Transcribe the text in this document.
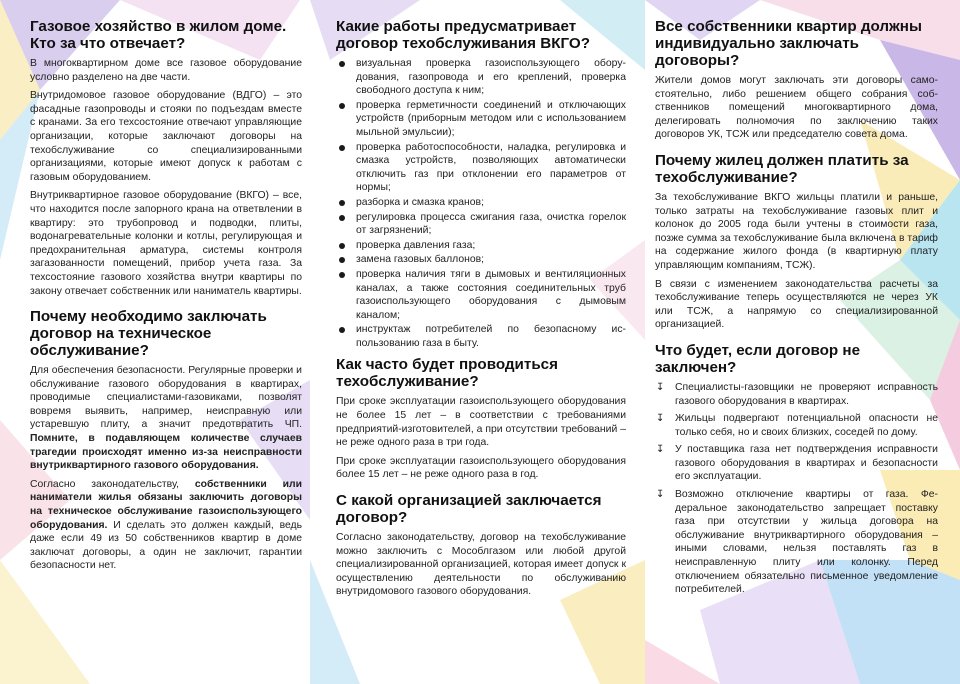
Газовое хозяйство в жилом доме. Кто за что отвечает?

В многоквартирном доме все газовое оборудование условно разделено на две части.

Внутридомовое газовое оборудование (ВДГО) – это фасадные газопроводы и стояки по подъездам вместе с кранами. За его техсостояние отвечают управляющие организации, которые заключают договоры на техобслуживание со специализированными организациями, которые имеют допуск к работам с газовым оборудованием.

Внутриквартирное газовое оборудование (ВКГО) – все, что находится после запорного крана на ответвлении в квартиру: это трубопровод и подводки, плиты, водонагревательные колонки и котлы, регулирующая и предохранительная арматура, системы контроля загазованности помещений, прибор учета газа. За техсостояние газового хозяйства внутри квартиры по закону отвечает собственник или наниматель квартиры.

Почему необходимо заключать договор на техническое обслуживание?

Для обеспечения безопасности. Регулярные проверки и обслуживание газового оборудования в квартирах, проводимые специалистами-газовиками, позволят вовремя выявить, например, неисправную или устаревшую плиту, а значит предотвратить ЧП. Помните, в подавляющем количестве случаев трагедии происходят именно из-за неисправности внутриквартирного газового оборудования.

Согласно законодательству, собственники или наниматели жилья обязаны заключить договоры на техническое обслуживание газоиспользующего оборудования. И сделать это должен каждый, ведь даже если 49 из 50 собственников квартир в доме заключат договоры, а один не заключит, гарантии безопасности нет.

Какие работы предусматривает договор техобслуживания ВКГО?
визуальная проверка газоиспользующего оборудования, газопровода и его креплений, проверка свободного доступа к ним;
проверка герметичности соединений и отключающих устройств (приборным методом или с использованием мыльной эмульсии);
проверка работоспособности, наладка, регулировка и смазка устройств, позволяющих автоматически отключить газ при отклонении его параметров от нормы;
разборка и смазка кранов;
регулировка процесса сжигания газа, очистка горелок от загрязнений;
проверка давления газа;
замена газовых баллонов;
проверка наличия тяги в дымовых и вентиляционных каналах, а также состояния соединительных труб газоиспользующего оборудования с дымовым каналом;
инструктаж потребителей по безопасному использованию газа в быту.
Как часто будет проводиться техобслуживание?

При сроке эксплуатации газоиспользующего оборудования не более 15 лет – в соответствии с требованиями предприятий-изготовителей, а при отсутствии требований – не реже одного раза в три года.

При сроке эксплуатации газоиспользующего оборудования более 15 лет – не реже одного раза в год.

С какой организацией заключается договор?

Согласно законодательству, договор на техобслуживание можно заключить с Мособлгазом или любой другой специализированной организацией, которая имеет допуск к осуществлению деятельности по обслуживанию внутридомового газового оборудования.

Все собственники квартир должны индивидуально заключать договоры?

Жители домов могут заключать эти договоры самостоятельно, либо решением общего собрания собственников помещений многоквартирного дома, делегировать полномочия по заключению таких договоров УК, ТСЖ или председателю совета дома.

Почему жилец должен платить за техобслуживание?

За техобслуживание ВКГО жильцы платили и раньше, только затраты на техобслуживание газовых плит и колонок до 2005 года были учтены в стоимости газа, позже сумма за техобслуживание была включена в тариф на содержание жилого фонда (в квартирную плату управляющим компаниям, ТСЖ).

В связи с изменением законодательства расчеты за техобслуживание теперь осуществляются не через УК или ТСЖ, а напрямую со специализированной организацией.

Что будет, если договор не заключен?
↧ Специалисты-газовщики не проверяют исправность газового оборудования в квартирах.
↧ Жильцы подвергают потенциальной опасности не только себя, но и своих близких, соседей по дому.
↧ У поставщика газа нет подтверждения исправности газового оборудования в квартирах и безопасности его эксплуатации.
↧ Возможно отключение квартиры от газа. Федеральное законодательство запрещает поставку газа при отсутствии у жильца договора на обслуживание внутриквартирного оборудования – иными словами, нельзя поставлять газ в неисправленную плиту или колонку. Перед отключением обязательно письменное уведомление потребителей.
